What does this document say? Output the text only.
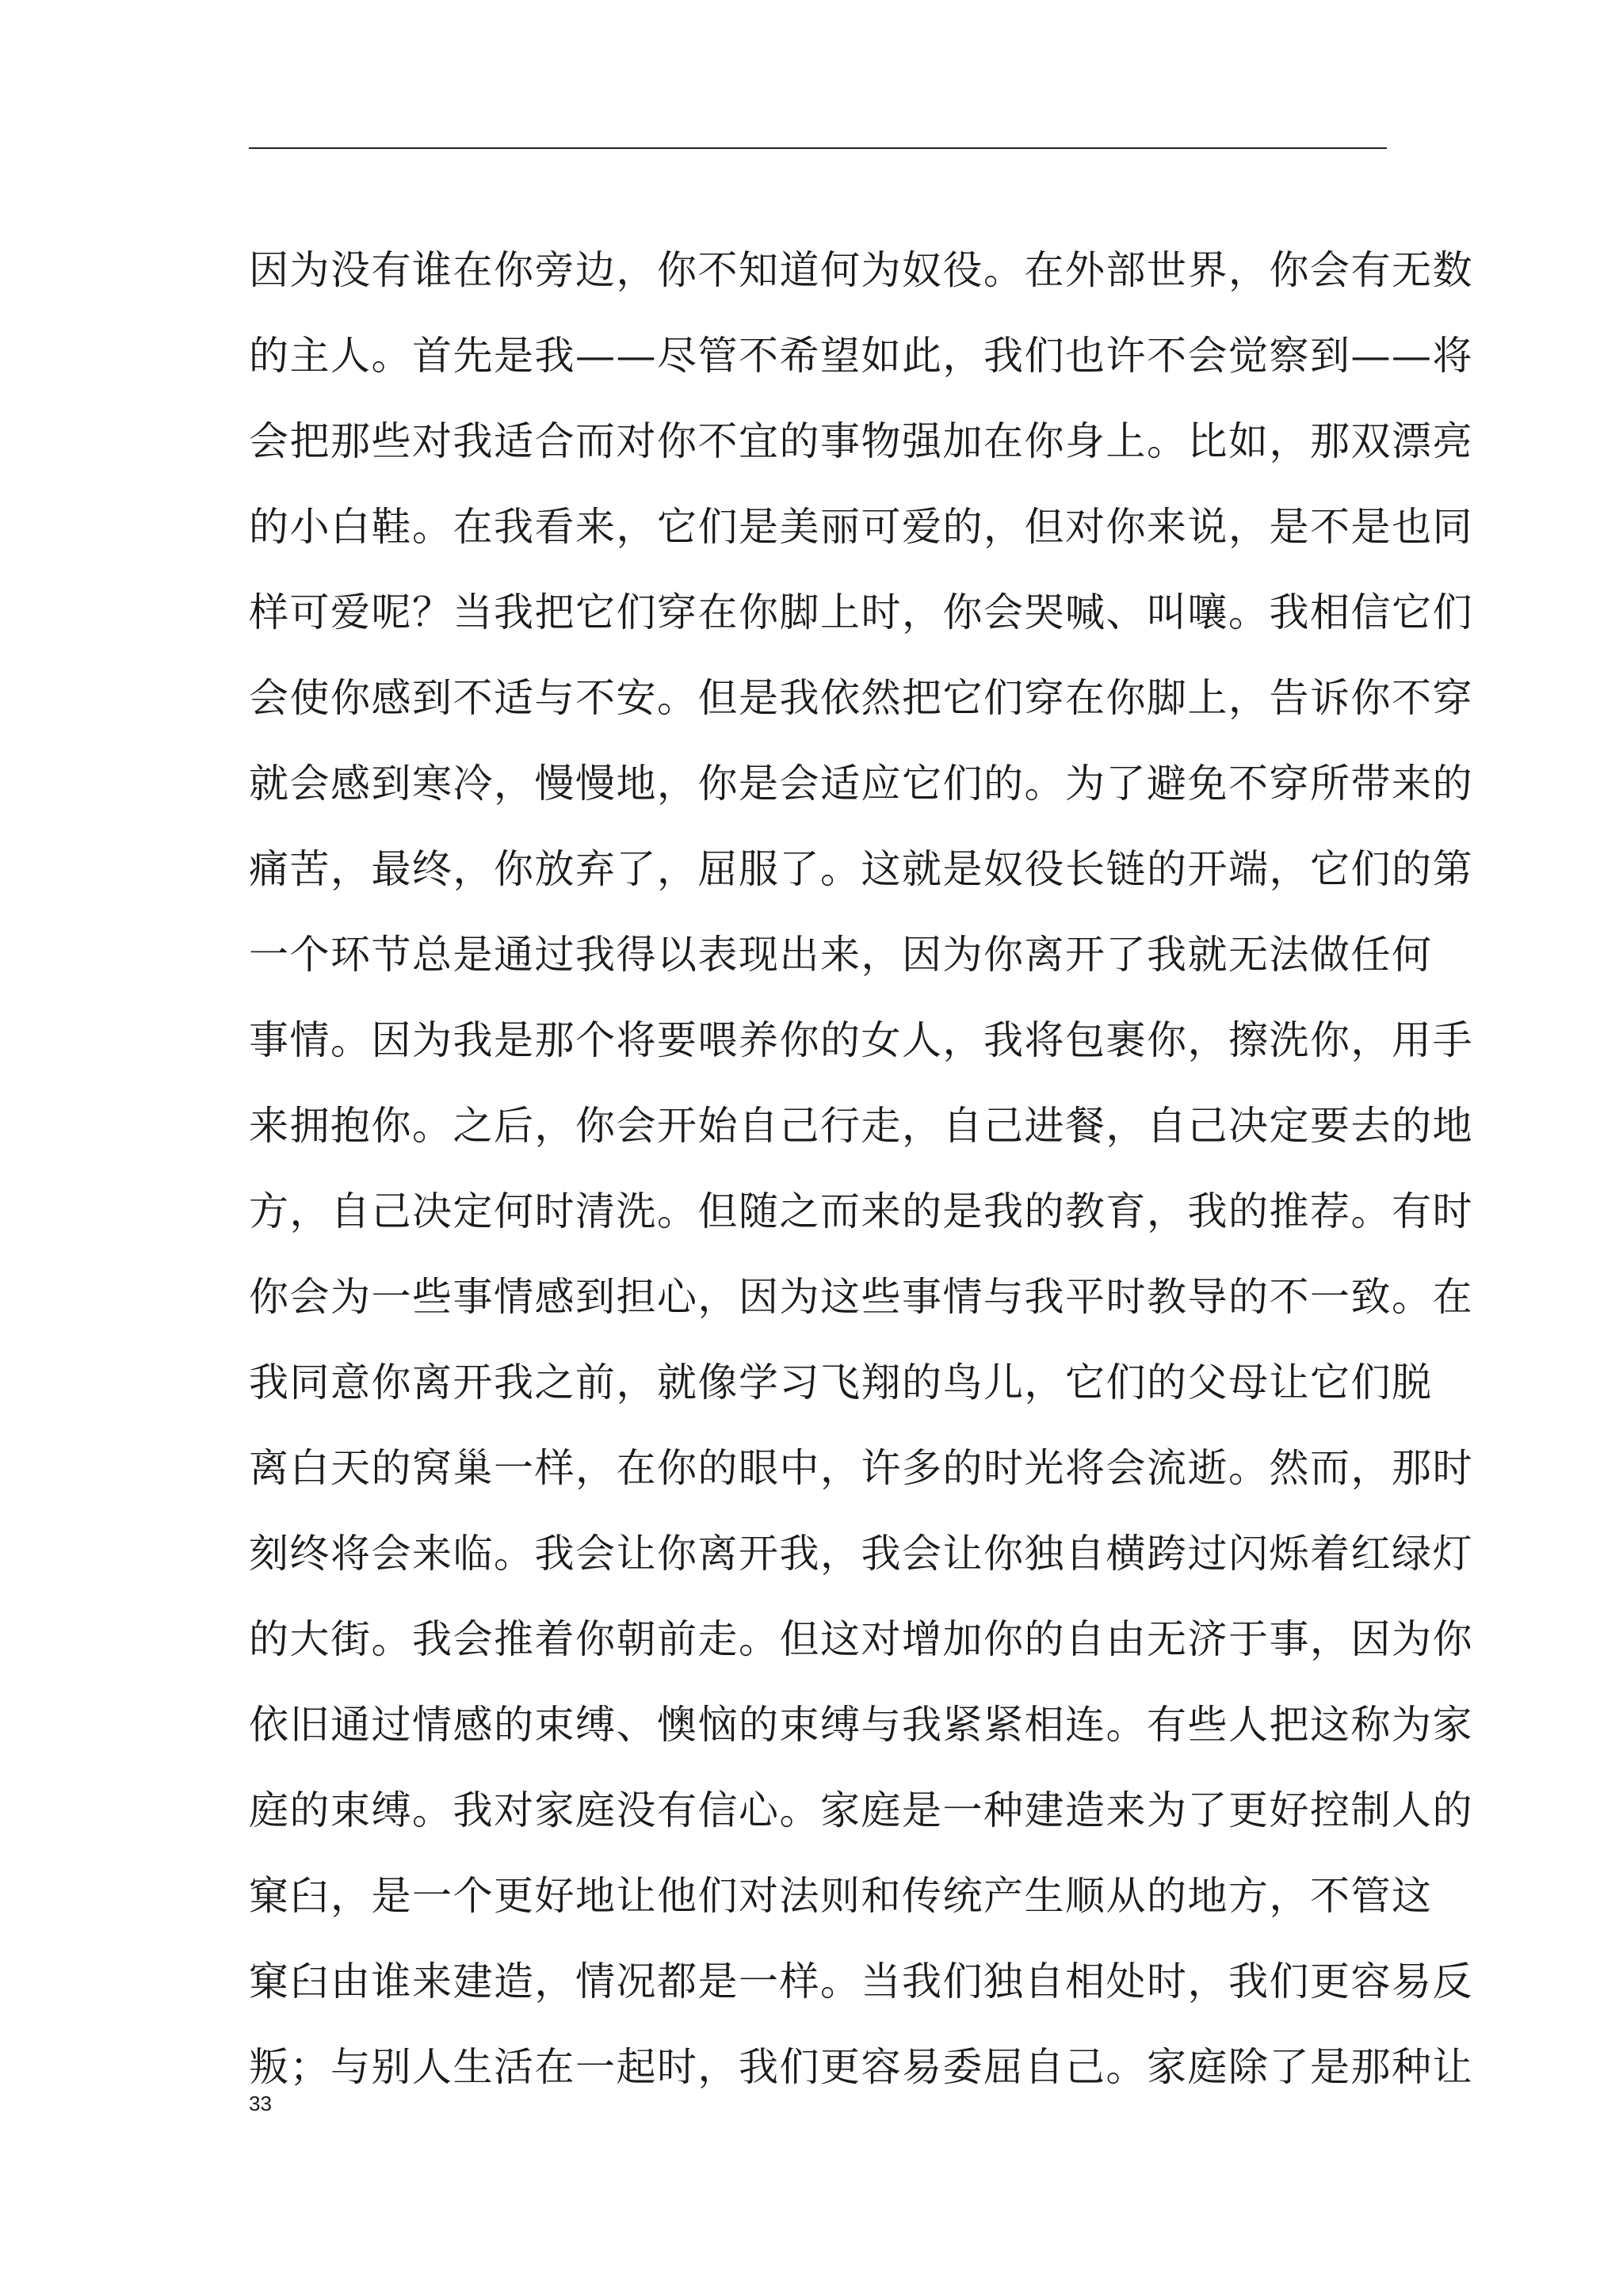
因为没有谁在你旁边，你不知道何为奴役。在外部世界，你会有无数
的主人。首先是我——尽管不希望如此，我们也许不会觉察到——将
会把那些对我适合而对你不宜的事物强加在你身上。比如，那双漂亮
的小白鞋。在我看来，它们是美丽可爱的，但对你来说，是不是也同
样可爱呢？当我把它们穿在你脚上时，你会哭喊、叫嚷。我相信它们
会使你感到不适与不安。但是我依然把它们穿在你脚上，告诉你不穿
就会感到寒冷，慢慢地，你是会适应它们的。为了避免不穿所带来的
痛苦，最终，你放弃了，屈服了。这就是奴役长链的开端，它们的第
一个环节总是通过我得以表现出来，因为你离开了我就无法做任何
事情。因为我是那个将要喂养你的女人，我将包裹你，擦洗你，用手
来拥抱你。之后，你会开始自己行走，自己进餐，自己决定要去的地
方，自己决定何时清洗。但随之而来的是我的教育，我的推荐。有时
你会为一些事情感到担心，因为这些事情与我平时教导的不一致。在
我同意你离开我之前，就像学习飞翔的鸟儿，它们的父母让它们脱
离白天的窝巢一样，在你的眼中，许多的时光将会流逝。然而，那时
刻终将会来临。我会让你离开我，我会让你独自横跨过闪烁着红绿灯
的大街。我会推着你朝前走。但这对增加你的自由无济于事，因为你
依旧通过情感的束缚、懊恼的束缚与我紧紧相连。有些人把这称为家
庭的束缚。我对家庭没有信心。家庭是一种建造来为了更好控制人的
窠臼，是一个更好地让他们对法则和传统产生顺从的地方，不管这
窠臼由谁来建造，情况都是一样。当我们独自相处时，我们更容易反
叛；与别人生活在一起时，我们更容易委屈自己。家庭除了是那种让
33
